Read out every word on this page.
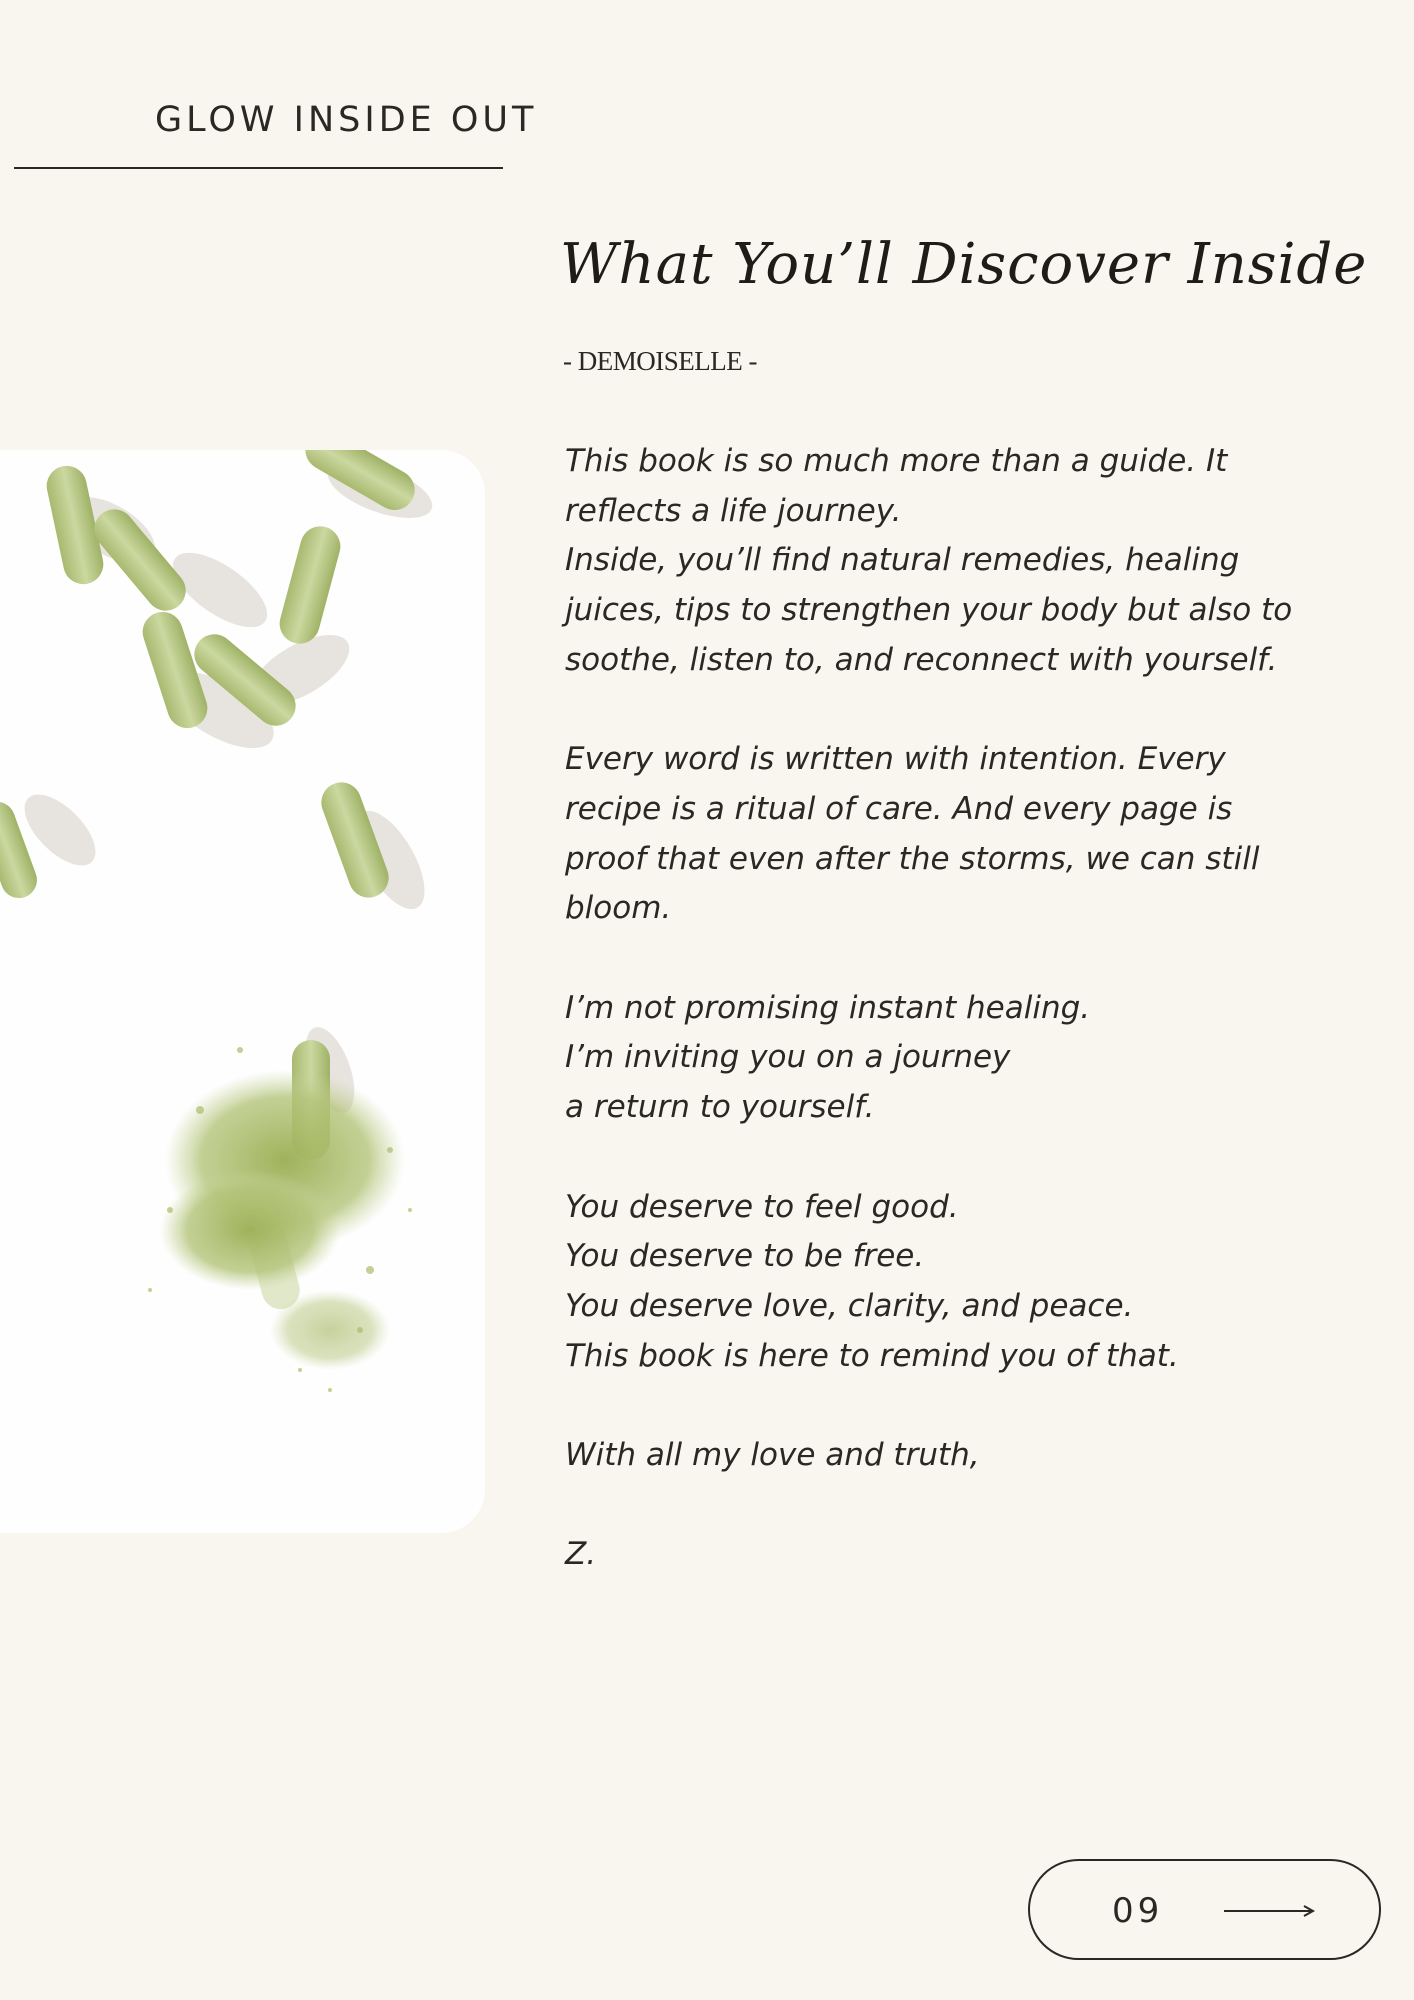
GLOW INSIDE OUT
What You’ll Discover Inside
- DEMOISELLE -

This book is so much more than a guide. It
reflects a life journey.
Inside, you’ll find natural remedies, healing
juices, tips to strengthen your body but also to
soothe, listen to, and reconnect with yourself.

Every word is written with intention. Every
recipe is a ritual of care. And every page is
proof that even after the storms, we can still
bloom.

I’m not promising instant healing.
I’m inviting you on a journey
a return to yourself.

You deserve to feel good.
You deserve to be free.
You deserve love, clarity, and peace.
This book is here to remind you of that.

With all my love and truth,

Z.

09
